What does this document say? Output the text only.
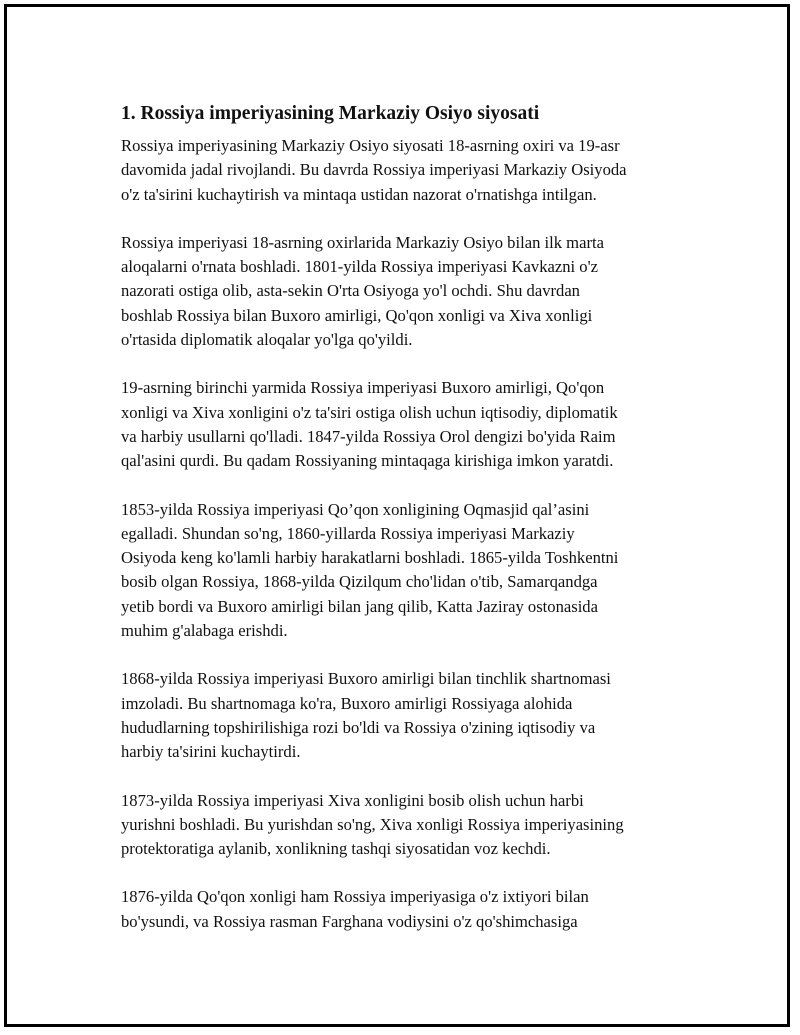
1. Rossiya imperiyasining Markaziy Osiyo siyosati

Rossiya imperiyasining Markaziy Osiyo siyosati 18-asrning oxiri va 19-asr
davomida jadal rivojlandi. Bu davrda Rossiya imperiyasi Markaziy Osiyoda
o'z ta'sirini kuchaytirish va mintaqa ustidan nazorat o'rnatishga intilgan.

Rossiya imperiyasi 18-asrning oxirlarida Markaziy Osiyo bilan ilk marta
aloqalarni o'rnata boshladi. 1801-yilda Rossiya imperiyasi Kavkazni o'z
nazorati ostiga olib, asta-sekin O'rta Osiyoga yo'l ochdi. Shu davrdan
boshlab Rossiya bilan Buxoro amirligi, Qo'qon xonligi va Xiva xonligi
o'rtasida diplomatik aloqalar yo'lga qo'yildi.

19-asrning birinchi yarmida Rossiya imperiyasi Buxoro amirligi, Qo'qon
xonligi va Xiva xonligini o'z ta'siri ostiga olish uchun iqtisodiy, diplomatik
va harbiy usullarni qo'lladi. 1847-yilda Rossiya Orol dengizi bo'yida Raim
qal'asini qurdi. Bu qadam Rossiyaning mintaqaga kirishiga imkon yaratdi.

1853-yilda Rossiya imperiyasi Qo’qon xonligining Oqmasjid qal’asini
egalladi. Shundan so'ng, 1860-yillarda Rossiya imperiyasi Markaziy
Osiyoda keng ko'lamli harbiy harakatlarni boshladi. 1865-yilda Toshkentni
bosib olgan Rossiya, 1868-yilda Qizilqum cho'lidan o'tib, Samarqandga
yetib bordi va Buxoro amirligi bilan jang qilib, Katta Jaziray ostonasida
muhim g'alabaga erishdi.

1868-yilda Rossiya imperiyasi Buxoro amirligi bilan tinchlik shartnomasi
imzoladi. Bu shartnomaga ko'ra, Buxoro amirligi Rossiyaga alohida
hududlarning topshirilishiga rozi bo'ldi va Rossiya o'zining iqtisodiy va
harbiy ta'sirini kuchaytirdi.

1873-yilda Rossiya imperiyasi Xiva xonligini bosib olish uchun harbi
yurishni boshladi. Bu yurishdan so'ng, Xiva xonligi Rossiya imperiyasining
protektoratiga aylanib, xonlikning tashqi siyosatidan voz kechdi.

1876-yilda Qo'qon xonligi ham Rossiya imperiyasiga o'z ixtiyori bilan
bo'ysundi, va Rossiya rasman Farghana vodiysini o'z qo'shimchasiga
